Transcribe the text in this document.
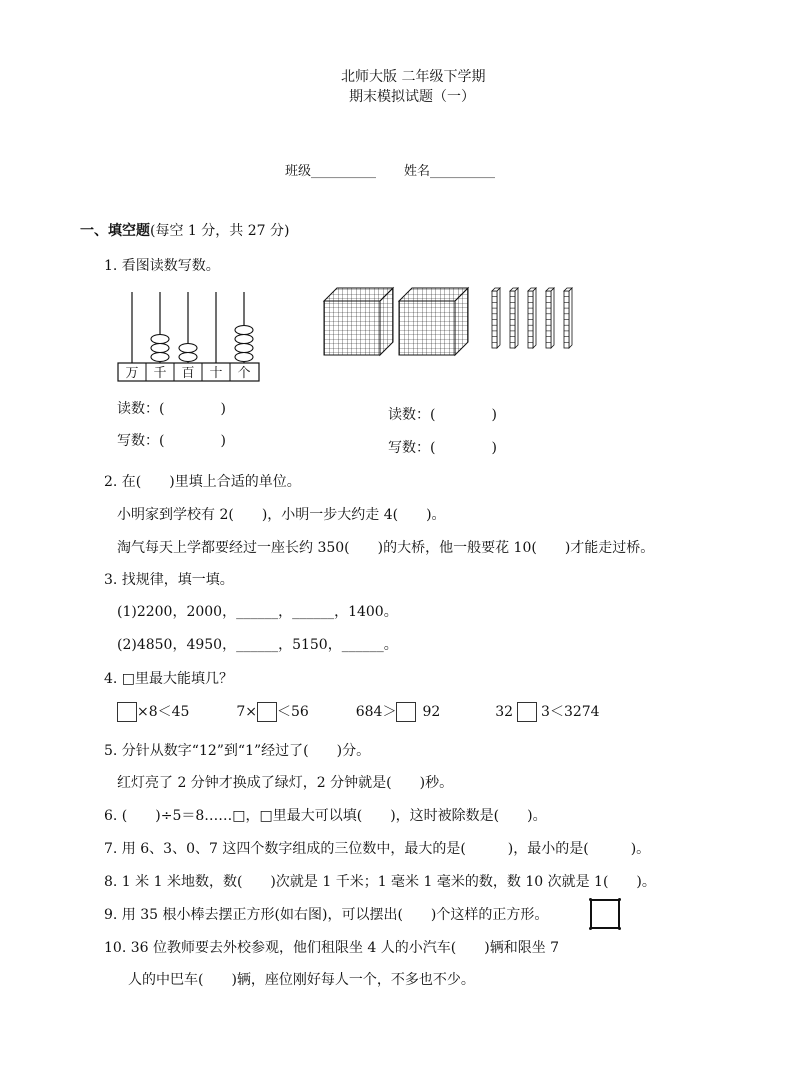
北师大版 二年级下学期
期末模拟试题（一）
班级__________ 姓名__________
一、填空题(每空 1 分，共 27 分)
1. 看图读数写数。
万 千 百 十 个
读数：(　　　　)
写数：(　　　　)
读数：(　　　　)
写数：(　　　　)
2. 在(　　)里填上合适的单位。
小明家到学校有 2(　　)，小明一步大约走 4(　　)。
淘气每天上学都要经过一座长约 350(　　)的大桥，他一般要花 10(　　)才能走过桥。
3. 找规律，填一填。
(1)2200，2000，______，______，1400。
(2)4850，4950，______，5150，______。
4. □里最大能填几？
×8＜45	7× ＜56	684＞ 92	32 3＜3274
5. 分针从数字“12”到“1”经过了(　　)分。
红灯亮了 2 分钟才换成了绿灯，2 分钟就是(　　)秒。
6. (　　)÷5＝8……□，□里最大可以填(　　)，这时被除数是(　　)。
7. 用 6、3、0、7 这四个数字组成的三位数中，最大的是(　　　)，最小的是(　　　)。
8. 1 米 1 米地数，数(　　)次就是 1 千米；1 毫米 1 毫米的数，数 10 次就是 1(　　)。
9. 用 35 根小棒去摆正方形(如右图)，可以摆出(　　)个这样的正方形。
10. 36 位教师要去外校参观，他们租限坐 4 人的小汽车(　　)辆和限坐 7
人的中巴车(　　)辆，座位刚好每人一个，不多也不少。
